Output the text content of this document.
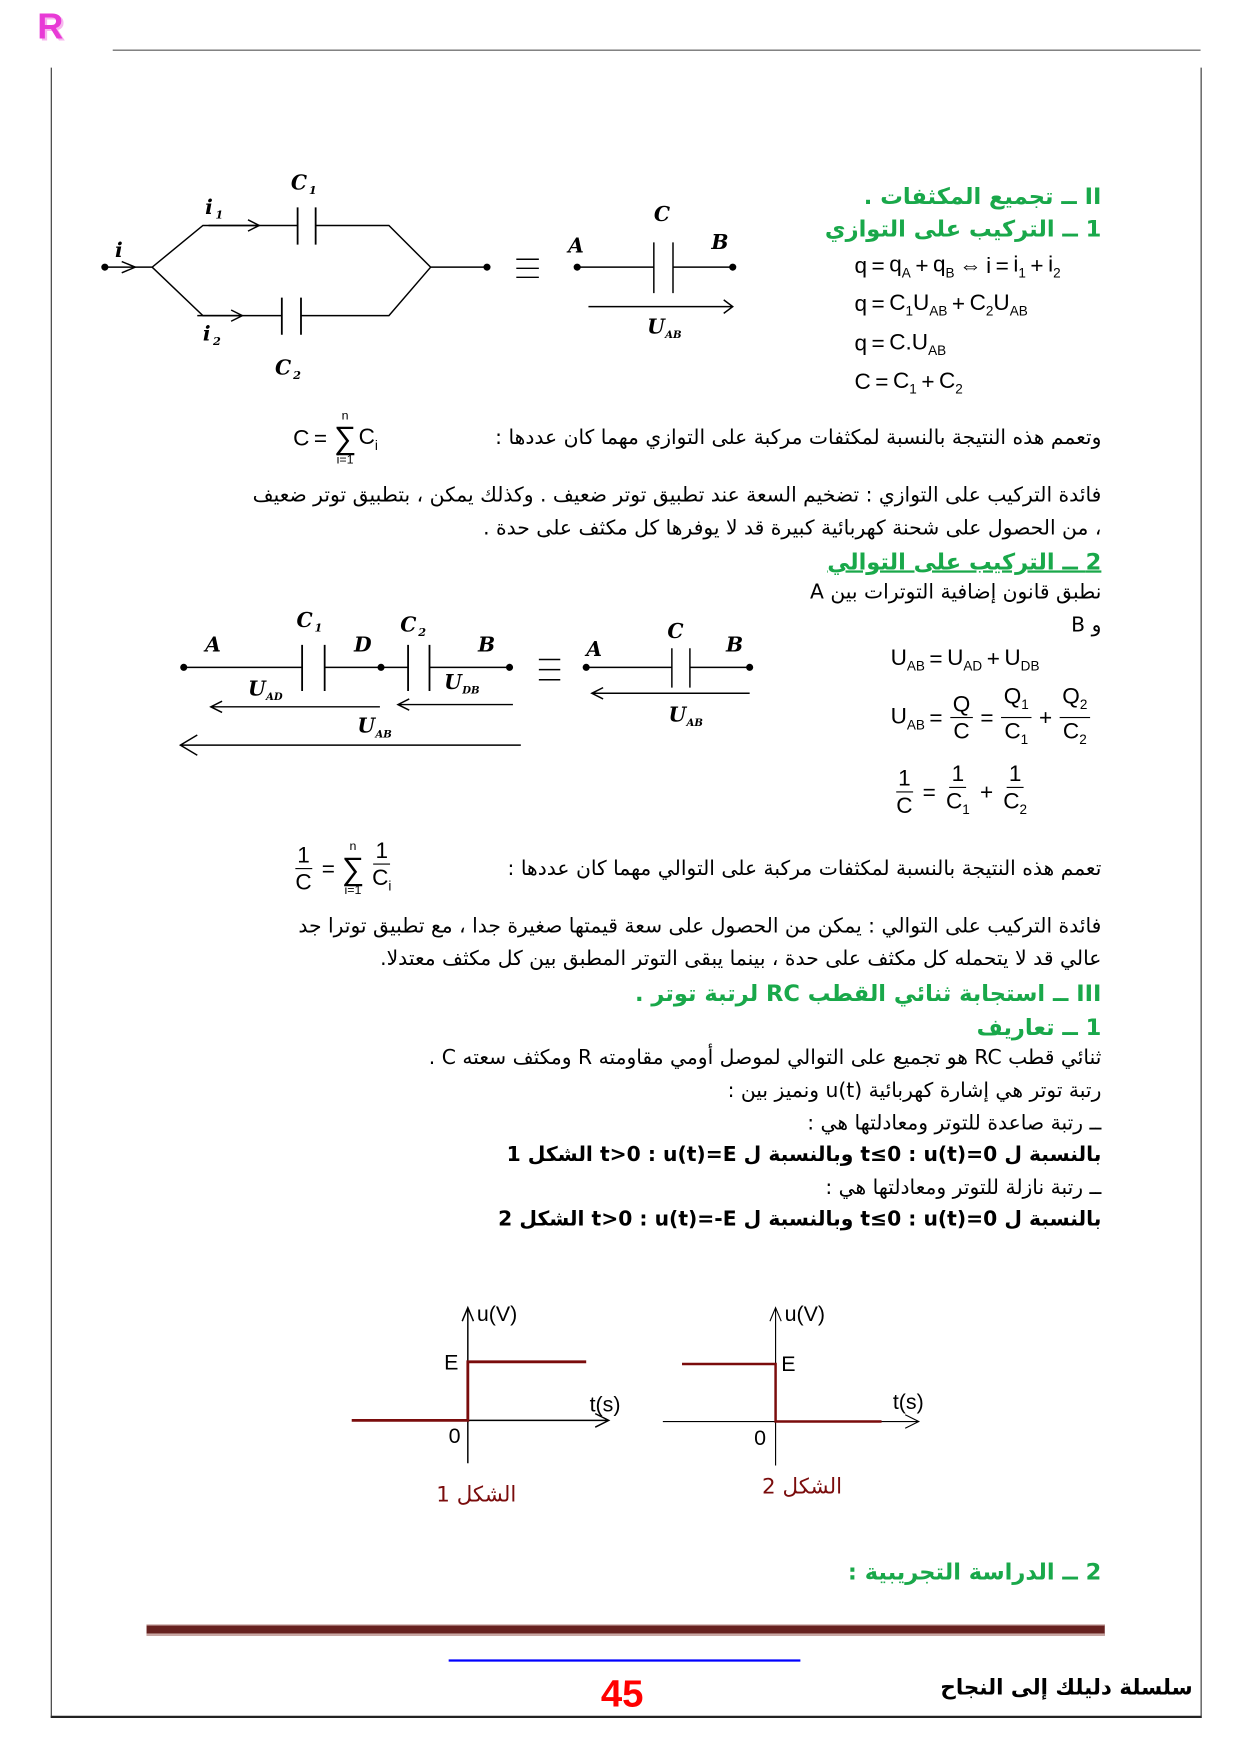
R
II ــ تجميع المكثفات .
1 ــ التركيب على التوازي
$q = q_A + q_B$ ⇔ $i = i_1 + i_2$
$q = C_1$ $U_{AB} + C_2$ $U_{AB}$
$q = C.U_{AB}$
$C = C_1 + C_2$
i
i 1
i 2
C 1
C 2
A
C
B
U AB
وتعمم هذه النتيجة بالنسبة لمكثفات مركبة على التوازي مهما كان عددها :
C =
n
∑
i=1
$C_i$
فائدة التركيب على التوازي : تضخيم السعة عند تطبيق توتر ضعيف . وكذلك يمكن ، بتطبيق توتر ضعيف
، من الحصول على شحنة كهربائية كبيرة قد لا يوفرها كل مكثف على حدة .
2 ــ التركيب على التوالي
نطبق قانون إضافية التوترات بين A
و B
$U_{AB} = U_{AD} + U_{DB}$
$U_{AB} = \frac{Q}{C} = \frac{Q_1}{C_1} + \frac{Q_2}{C_2}$
$\frac{1}{C} = \frac{1}{C_1} + \frac{1}{C_2}$
A
C 1
D
C 2
B
U AD
U DB
U AB
A
C
B
U AB
تعمم هذه النتيجة بالنسبة لمكثفات مركبة على التوالي مهما كان عددها :
$\frac{1}{C}$ =
n
∑
$i=1 \frac{1}{C_i}$
فائدة التركيب على التوالي : يمكن من الحصول على سعة قيمتها صغيرة جدا ، مع تطبيق توترا جد
عالي قد لا يتحمله كل مكثف على حدة ، بينما يبقى التوتر المطبق بين كل مكثف معتدلا.
III ــ استجابة ثنائي القطب RC لرتبة توتر .
1 ــ تعاريف
ثنائي قطب RC هو تجميع على التوالي لموصل أومي مقاومته R ومكثف سعته C .
رتبة توتر هي إشارة كهربائية u(t) ونميز بين :
ــ رتبة صاعدة للتوتر ومعادلتها هي :
بالنسبة ل t≤0 : u(t)=0 وبالنسبة ل t>0 : u(t)=E الشكل 1
ــ رتبة نازلة للتوتر ومعادلتها هي :
بالنسبة ل t≤0 : u(t)=0 وبالنسبة ل t>0 : u(t)=-E الشكل 2
u(V)
E
0
t(s)
الشكل 1
u(V)
E
0
t(s)
الشكل 2
2 ــ الدراسة التجريبية :
45	سلسلة دليلك إلى النجاح
